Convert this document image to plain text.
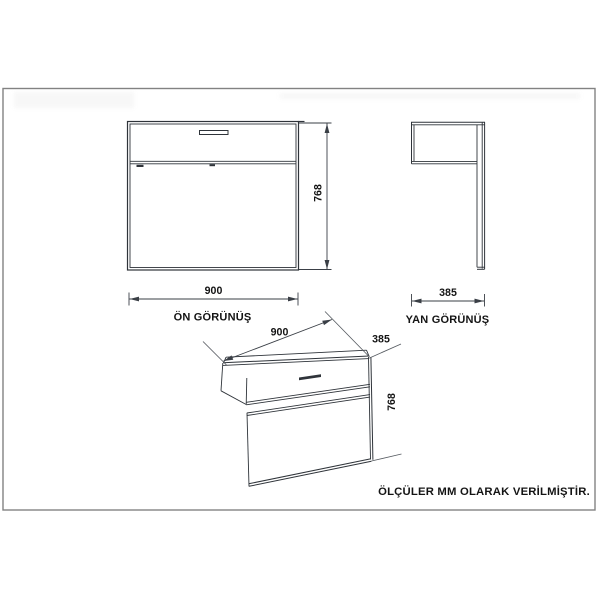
768
900
ÖN GÖRÜNÜŞ
385
YAN GÖRÜNÜŞ
900
385
768
ÖLÇÜLER MM OLARAK VERİLMİŞTİR.
